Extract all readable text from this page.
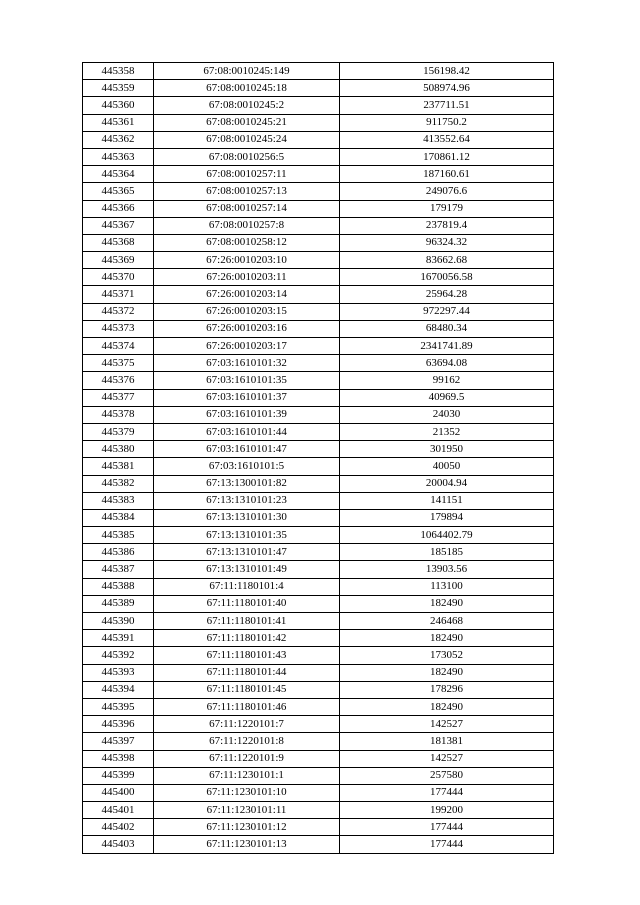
445358	67:08:0010245:149	156198.42
445359	67:08:0010245:18	508974.96
445360	67:08:0010245:2	237711.51
445361	67:08:0010245:21	911750.2
445362	67:08:0010245:24	413552.64
445363	67:08:0010256:5	170861.12
445364	67:08:0010257:11	187160.61
445365	67:08:0010257:13	249076.6
445366	67:08:0010257:14	179179
445367	67:08:0010257:8	237819.4
445368	67:08:0010258:12	96324.32
445369	67:26:0010203:10	83662.68
445370	67:26:0010203:11	1670056.58
445371	67:26:0010203:14	25964.28
445372	67:26:0010203:15	972297.44
445373	67:26:0010203:16	68480.34
445374	67:26:0010203:17	2341741.89
445375	67:03:1610101:32	63694.08
445376	67:03:1610101:35	99162
445377	67:03:1610101:37	40969.5
445378	67:03:1610101:39	24030
445379	67:03:1610101:44	21352
445380	67:03:1610101:47	301950
445381	67:03:1610101:5	40050
445382	67:13:1300101:82	20004.94
445383	67:13:1310101:23	141151
445384	67:13:1310101:30	179894
445385	67:13:1310101:35	1064402.79
445386	67:13:1310101:47	185185
445387	67:13:1310101:49	13903.56
445388	67:11:1180101:4	113100
445389	67:11:1180101:40	182490
445390	67:11:1180101:41	246468
445391	67:11:1180101:42	182490
445392	67:11:1180101:43	173052
445393	67:11:1180101:44	182490
445394	67:11:1180101:45	178296
445395	67:11:1180101:46	182490
445396	67:11:1220101:7	142527
445397	67:11:1220101:8	181381
445398	67:11:1220101:9	142527
445399	67:11:1230101:1	257580
445400	67:11:1230101:10	177444
445401	67:11:1230101:11	199200
445402	67:11:1230101:12	177444
445403	67:11:1230101:13	177444
